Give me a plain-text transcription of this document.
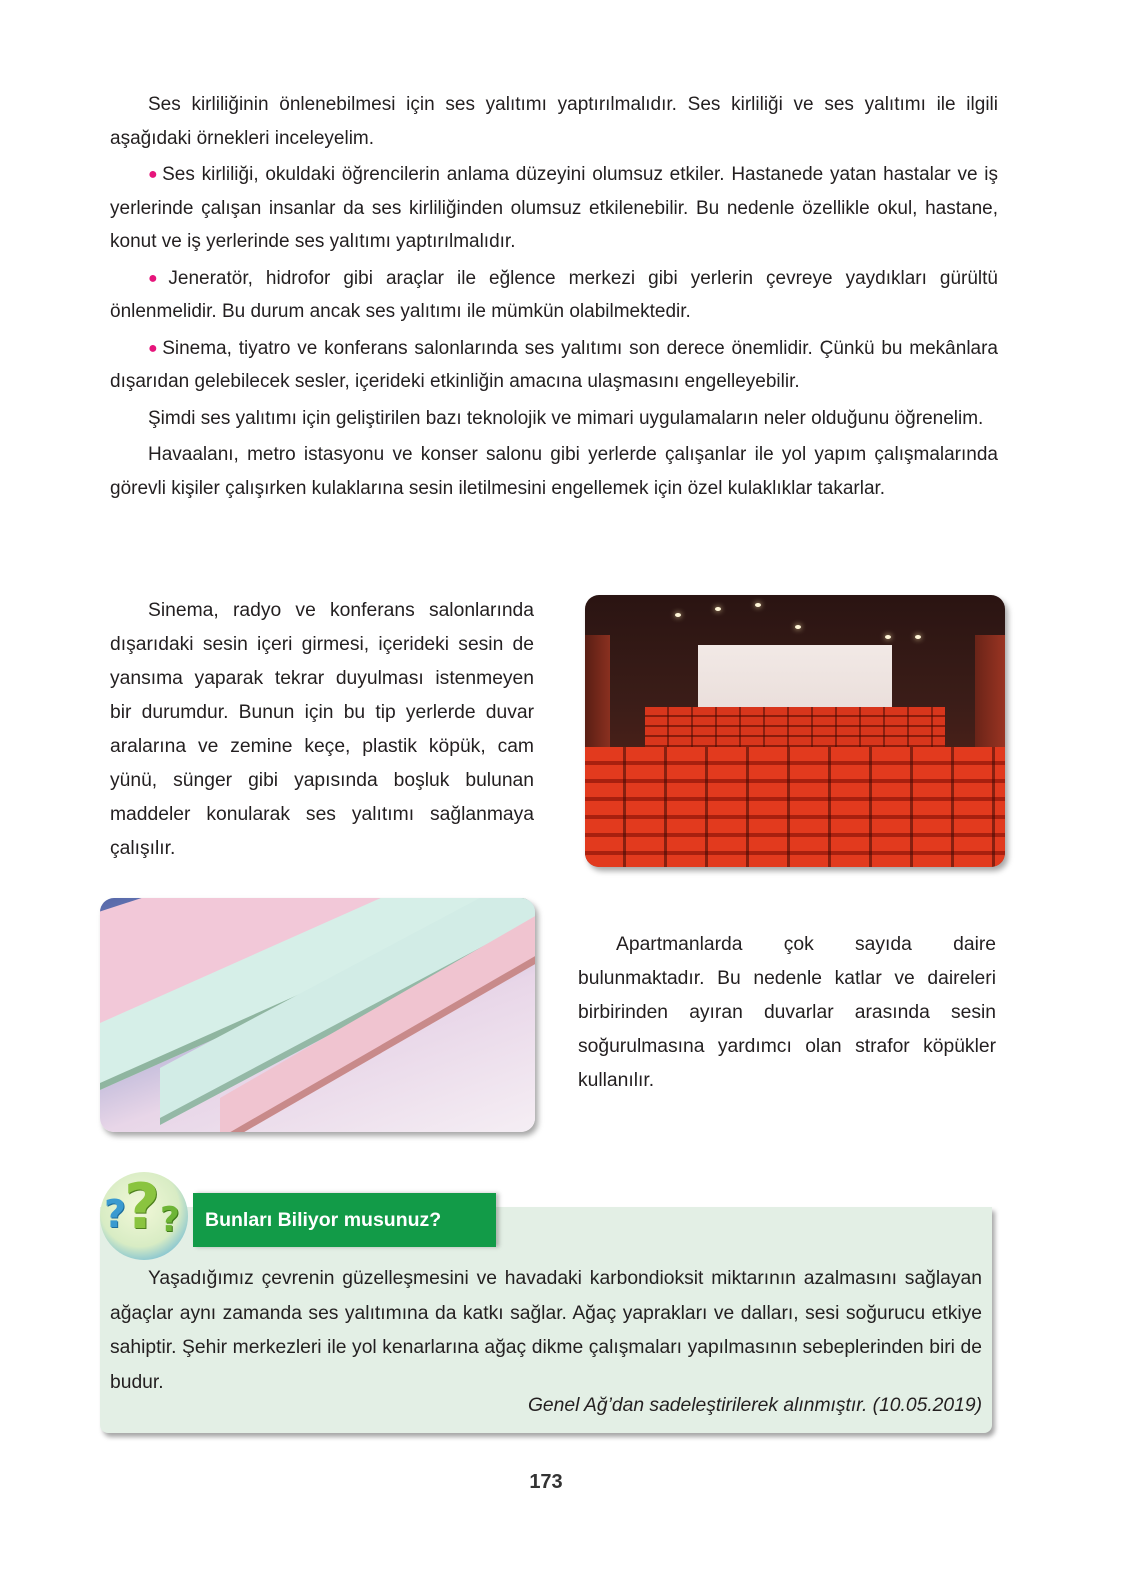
Ses kirliliğinin önlenebilmesi için ses yalıtımı yaptırılmalıdır. Ses kirliliği ve ses yalıtımı ile ilgili aşağıdaki örnekleri inceleyelim.

● Ses kirliliği, okuldaki öğrencilerin anlama düzeyini olumsuz etkiler. Hastanede yatan hastalar ve iş yerlerinde çalışan insanlar da ses kirliliğinden olumsuz etkilenebilir. Bu nedenle özellikle okul, hastane, konut ve iş yerlerinde ses yalıtımı yaptırılmalıdır.

● Jeneratör, hidrofor gibi araçlar ile eğlence merkezi gibi yerlerin çevreye yaydıkları gürültü önlenmelidir. Bu durum ancak ses yalıtımı ile mümkün olabilmektedir.

● Sinema, tiyatro ve konferans salonlarında ses yalıtımı son derece önemlidir. Çünkü bu mekânlara dışarıdan gelebilecek sesler, içerideki etkinliğin amacına ulaşmasını engelleyebilir.

Şimdi ses yalıtımı için geliştirilen bazı teknolojik ve mimari uygulamaların neler olduğunu öğrenelim.

Havaalanı, metro istasyonu ve konser salonu gibi yerlerde çalışanlar ile yol yapım çalışmalarında görevli kişiler çalışırken kulaklarına sesin iletilmesini engellemek için özel kulaklıklar takarlar.

Sinema, radyo ve konferans salonlarında dışarıdaki sesin içeri girmesi, içerideki sesin de yansıma yaparak tekrar duyulması istenmeyen bir durumdur. Bunun için bu tip yerlerde duvar aralarına ve zemine keçe, plastik köpük, cam yünü, sünger gibi yapısında boşluk bulunan maddeler konularak ses yalıtımı sağlanmaya çalışılır.

Apartmanlarda çok sayıda daire bulunmaktadır. Bu nedenle katlar ve daireleri birbirinden ayıran duvarlar arasında sesin soğurulmasına yardımcı olan strafor köpükler kullanılır.

?
? ?	Bunları Biliyor musunuz?

Yaşadığımız çevrenin güzelleşmesini ve havadaki karbondioksit miktarının azalmasını sağlayan ağaçlar aynı zamanda ses yalıtımına da katkı sağlar. Ağaç yaprakları ve dalları, sesi soğurucu etkiye sahiptir. Şehir merkezleri ile yol kenarlarına ağaç dikme çalışmaları yapılmasının sebeplerinden biri de budur.

Genel Ağ’dan sadeleştirilerek alınmıştır. (10.05.2019)
173
